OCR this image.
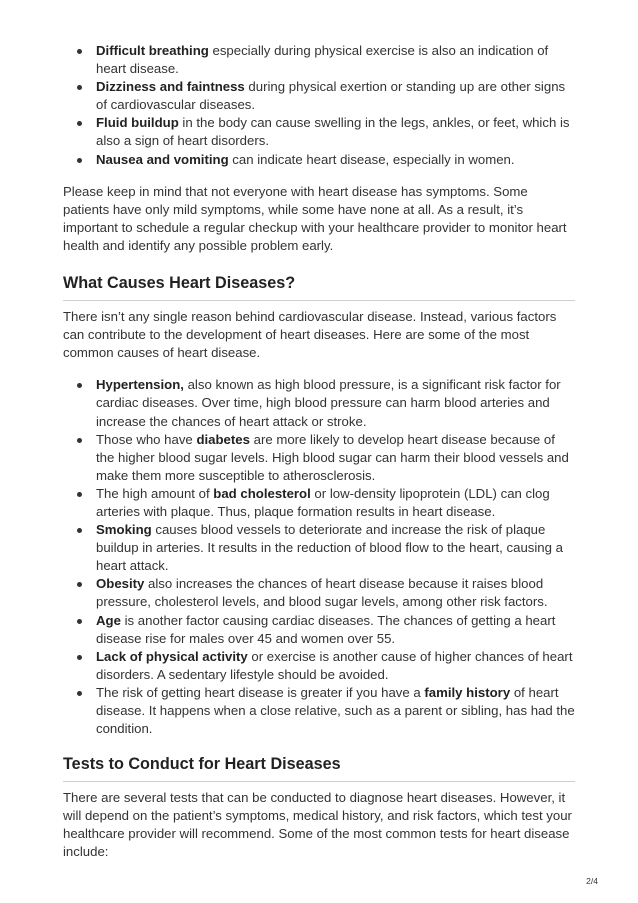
Difficult breathing especially during physical exercise is also an indication of heart disease.
Dizziness and faintness during physical exertion or standing up are other signs of cardiovascular diseases.
Fluid buildup in the body can cause swelling in the legs, ankles, or feet, which is also a sign of heart disorders.
Nausea and vomiting can indicate heart disease, especially in women.

Please keep in mind that not everyone with heart disease has symptoms. Some patients have only mild symptoms, while some have none at all. As a result, it’s important to schedule a regular checkup with your healthcare provider to monitor heart health and identify any possible problem early.

What Causes Heart Diseases?

There isn’t any single reason behind cardiovascular disease. Instead, various factors can contribute to the development of heart diseases. Here are some of the most common causes of heart disease.

Hypertension, also known as high blood pressure, is a significant risk factor for cardiac diseases. Over time, high blood pressure can harm blood arteries and increase the chances of heart attack or stroke.
Those who have diabetes are more likely to develop heart disease because of the higher blood sugar levels. High blood sugar can harm their blood vessels and make them more susceptible to atherosclerosis.
The high amount of bad cholesterol or low-density lipoprotein (LDL) can clog arteries with plaque. Thus, plaque formation results in heart disease.
Smoking causes blood vessels to deteriorate and increase the risk of plaque buildup in arteries. It results in the reduction of blood flow to the heart, causing a heart attack.
Obesity also increases the chances of heart disease because it raises blood pressure, cholesterol levels, and blood sugar levels, among other risk factors.
Age is another factor causing cardiac diseases. The chances of getting a heart disease rise for males over 45 and women over 55.
Lack of physical activity or exercise is another cause of higher chances of heart disorders. A sedentary lifestyle should be avoided.
The risk of getting heart disease is greater if you have a family history of heart disease. It happens when a close relative, such as a parent or sibling, has had the condition.
Tests to Conduct for Heart Diseases

There are several tests that can be conducted to diagnose heart diseases. However, it will depend on the patient’s symptoms, medical history, and risk factors, which test your healthcare provider will recommend. Some of the most common tests for heart disease include:

2/4
